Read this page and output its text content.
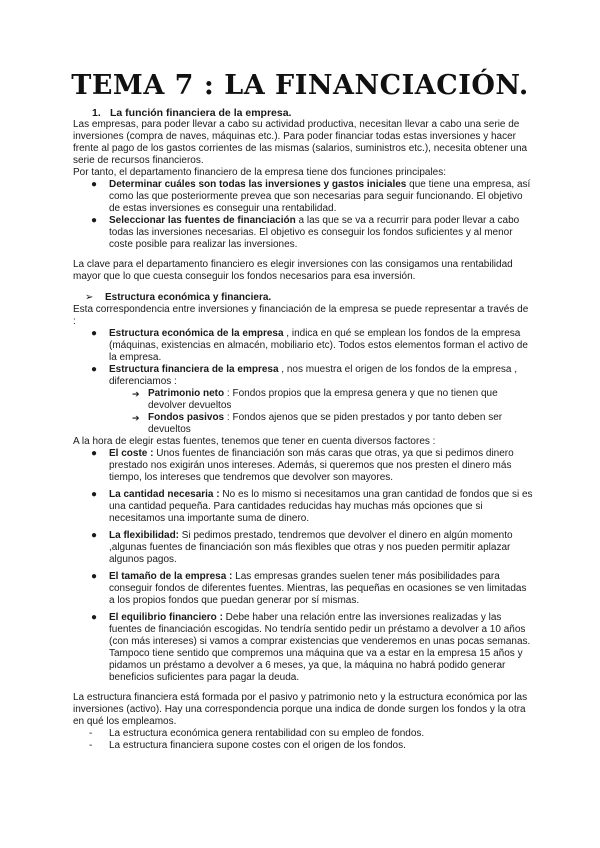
TEMA 7 : LA FINANCIACIÓN.

1. La función financiera de la empresa.

Las empresas, para poder llevar a cabo su actividad productiva, necesitan llevar a cabo una serie de inversiones (compra de naves, máquinas etc.). Para poder financiar todas estas inversiones y hacer frente al pago de los gastos corrientes de las mismas (salarios, suministros etc.), necesita obtener una serie de recursos financieros.

Por tanto, el departamento financiero de la empresa tiene dos funciones principales:

● Determinar cuáles son todas las inversiones y gastos iniciales que tiene una empresa, así como las que posteriormente prevea que son necesarias para seguir funcionando. El objetivo de estas inversiones es conseguir una rentabilidad.
● Seleccionar las fuentes de financiación a las que se va a recurrir para poder llevar a cabo todas las inversiones necesarias. El objetivo es conseguir los fondos suficientes y al menor coste posible para realizar las inversiones.

La clave para el departamento financiero es elegir inversiones con las consigamos una rentabilidad mayor que lo que cuesta conseguir los fondos necesarios para esa inversión.

➢ Estructura económica y financiera.

Esta correspondencia entre inversiones y financiación de la empresa se puede representar a través de :

● Estructura económica de la empresa , indica en qué se emplean los fondos de la empresa (máquinas, existencias en almacén, mobiliario etc). Todos estos elementos forman el activo de la empresa.
● Estructura financiera de la empresa , nos muestra el origen de los fondos de la empresa , diferenciamos :
➔ Patrimonio neto : Fondos propios que la empresa genera y que no tienen que devolver devueltos
➔ Fondos pasivos : Fondos ajenos que se piden prestados y por tanto deben ser devueltos

A la hora de elegir estas fuentes, tenemos que tener en cuenta diversos factores :

● El coste : Unos fuentes de financiación son más caras que otras, ya que si pedimos dinero prestado nos exigirán unos intereses. Además, si queremos que nos presten el dinero más tiempo, los intereses que tendremos que devolver son mayores.
● La cantidad necesaria : No es lo mismo si necesitamos una gran cantidad de fondos que si es una cantidad pequeña. Para cantidades reducidas hay muchas más opciones que si necesitamos una importante suma de dinero.
● La flexibilidad: Si pedimos prestado, tendremos que devolver el dinero en algún momento ,algunas fuentes de financiación son más flexibles que otras y nos pueden permitir aplazar algunos pagos.
● El tamaño de la empresa : Las empresas grandes suelen tener más posibilidades para conseguir fondos de diferentes fuentes. Mientras, las pequeñas en ocasiones se ven limitadas a los propios fondos que puedan generar por sí mismas.
● El equilibrio financiero : Debe haber una relación entre las inversiones realizadas y las fuentes de financiación escogidas. No tendría sentido pedir un préstamo a devolver a 10 años (con más intereses) si vamos a comprar existencias que venderemos en unas pocas semanas. Tampoco tiene sentido que compremos una máquina que va a estar en la empresa 15 años y pidamos un préstamo a devolver a 6 meses, ya que, la máquina no habrá podido generar beneficios suficientes para pagar la deuda.

La estructura financiera está formada por el pasivo y patrimonio neto y la estructura económica por las inversiones (activo). Hay una correspondencia porque una indica de donde surgen los fondos y la otra en qué los empleamos.

- La estructura económica genera rentabilidad con su empleo de fondos.
- La estructura financiera supone costes con el origen de los fondos.
